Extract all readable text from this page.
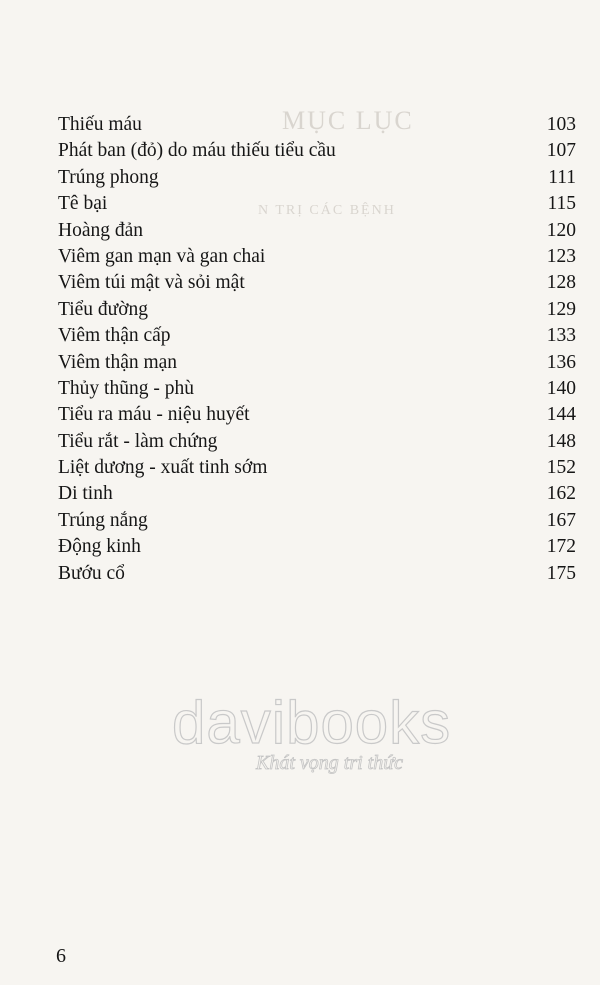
MỤC LỤC
N TRỊ CÁC BỆNH
Thiếu máu	103
Phát ban (đỏ) do máu thiếu tiểu cầu	107
Trúng phong	111
Tê bại	115
Hoàng đản	120
Viêm gan mạn và gan chai	123
Viêm túi mật và sỏi mật	128
Tiểu đường	129
Viêm thận cấp	133
Viêm thận mạn	136
Thủy thũng - phù	140
Tiểu ra máu - niệu huyết	144
Tiểu rắt - làm chứng	148
Liệt dương - xuất tinh sớm	152
Di tinh	162
Trúng nắng	167
Động kinh	172
Bướu cổ	175
davibooks
Khát vọng tri thức
6
